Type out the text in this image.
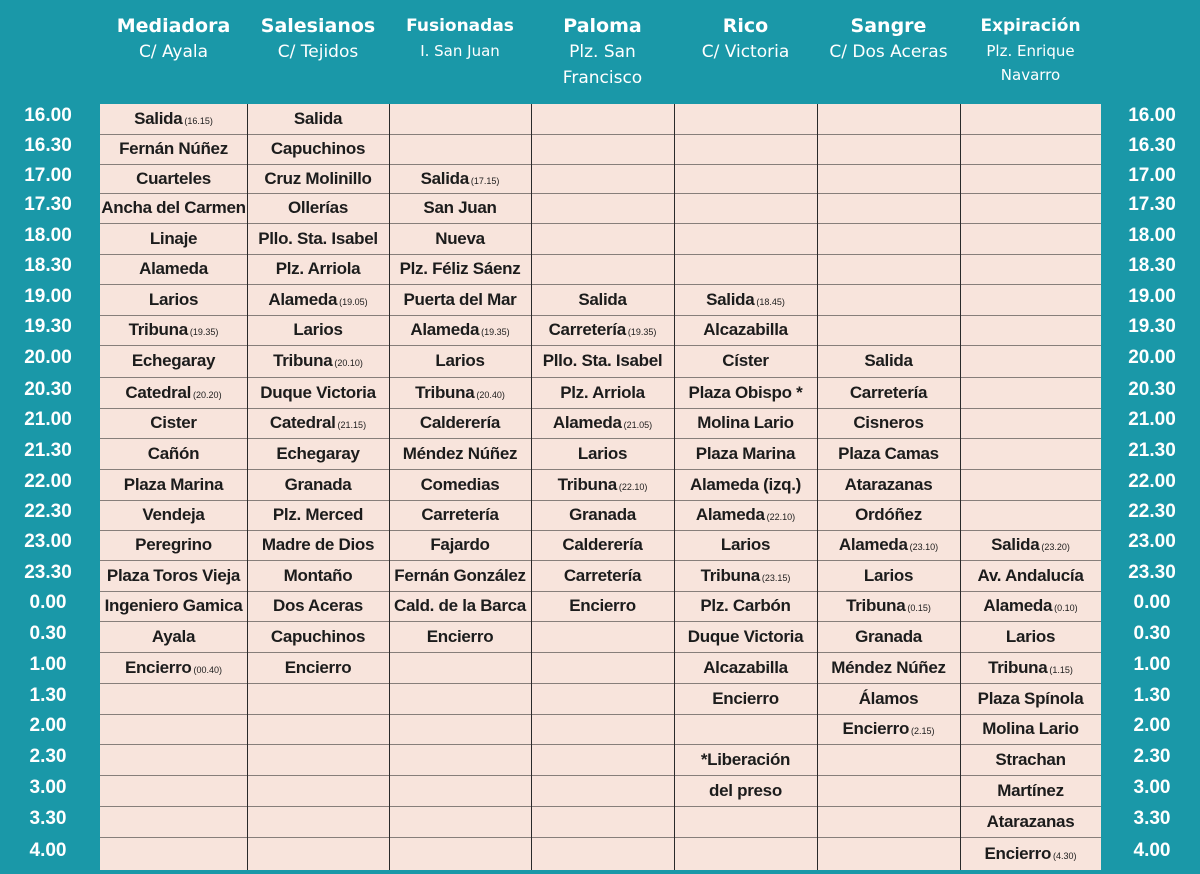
Mediadora
C/ Ayala
Salesianos
C/ Tejidos
Fusionadas
I. San Juan
Paloma
Plz. San Francisco
Rico
C/ Victoria
Sangre
C/ Dos Aceras
Expiración
Plz. Enrique Navarro
16.00
16.30
17.00
17.30
18.00
18.30
19.00
19.30
20.00
20.30
21.00
21.30
22.00
22.30
23.00
23.30
0.00
0.30
1.00
1.30
2.00
2.30
3.00
3.30
4.00
16.00
16.30
17.00
17.30
18.00
18.30
19.00
19.30
20.00
20.30
21.00
21.30
22.00
22.30
23.00
23.30
0.00
0.30
1.00
1.30
2.00
2.30
3.00
3.30
4.00
Salida (16.15)
Fernán Núñez
Cuarteles
Ancha del Carmen
Linaje
Alameda
Larios
Tribuna (19.35)
Echegaray
Catedral (20.20)
Cister
Cañón
Plaza Marina
Vendeja
Peregrino
Plaza Toros Vieja
Ingeniero Gamica
Ayala
Encierro (00.40)
Salida
Capuchinos
Cruz Molinillo
Ollerías
Pllo. Sta. Isabel
Plz. Arriola
Alameda (19.05)
Larios
Tribuna (20.10)
Duque Victoria
Catedral (21.15)
Echegaray
Granada
Plz. Merced
Madre de Dios
Montaño
Dos Aceras
Capuchinos
Encierro
Salida (17.15)
San Juan
Nueva
Plz. Féliz Sáenz
Puerta del Mar
Alameda (19.35)
Larios
Tribuna (20.40)
Calderería
Méndez Núñez
Comedias
Carretería
Fajardo
Fernán González
Cald. de la Barca
Encierro
Salida
Carretería (19.35)
Pllo. Sta. Isabel
Plz. Arriola
Alameda (21.05)
Larios
Tribuna (22.10)
Granada
Calderería
Carretería
Encierro
Salida (18.45)
Alcazabilla
Císter
Plaza Obispo *
Molina Lario
Plaza Marina
Alameda (izq.)
Alameda (22.10)
Larios
Tribuna (23.15)
Plz. Carbón
Duque Victoria
Alcazabilla
Encierro
*Liberación
del preso
Salida
Carretería
Cisneros
Plaza Camas
Atarazanas
Ordóñez
Alameda (23.10)
Larios
Tribuna (0.15)
Granada
Méndez Núñez
Álamos
Encierro (2.15)
Salida (23.20)
Av. Andalucía
Alameda (0.10)
Larios
Tribuna (1.15)
Plaza Spínola
Molina Lario
Strachan
Martínez
Atarazanas
Encierro (4.30)
